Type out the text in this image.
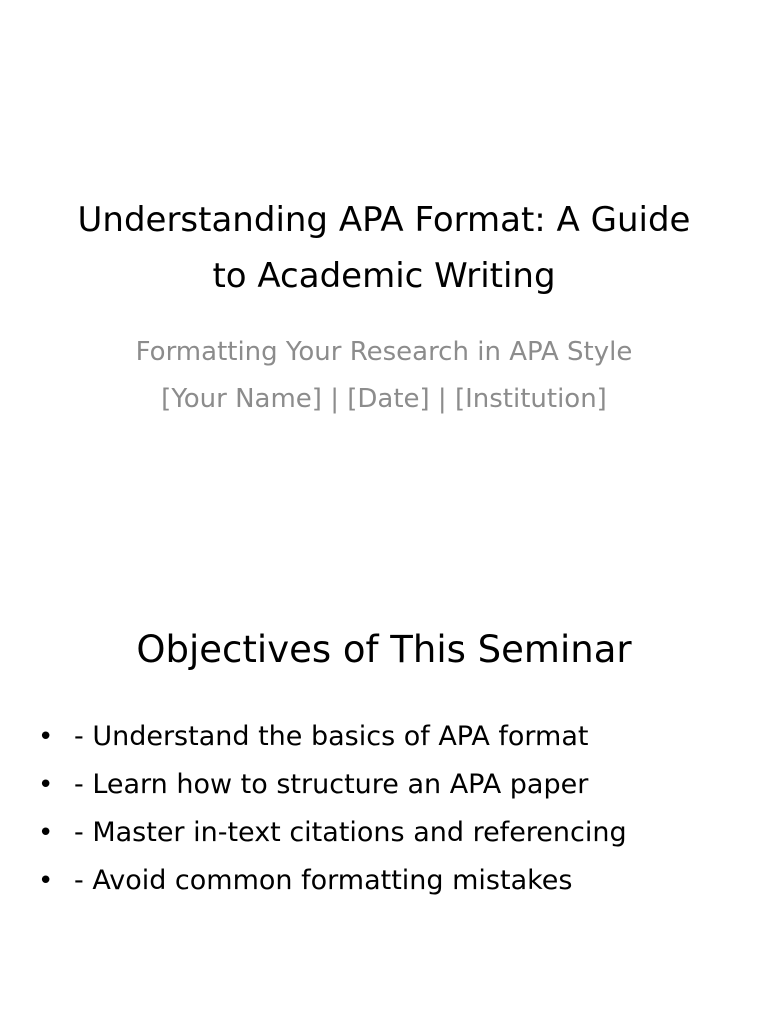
Understanding APA Format: A Guide to Academic Writing
Formatting Your Research in APA Style
[Your Name] | [Date] | [Institution]
Objectives of This Seminar
• - Understand the basics of APA format
• - Learn how to structure an APA paper
• - Master in-text citations and referencing
• - Avoid common formatting mistakes
